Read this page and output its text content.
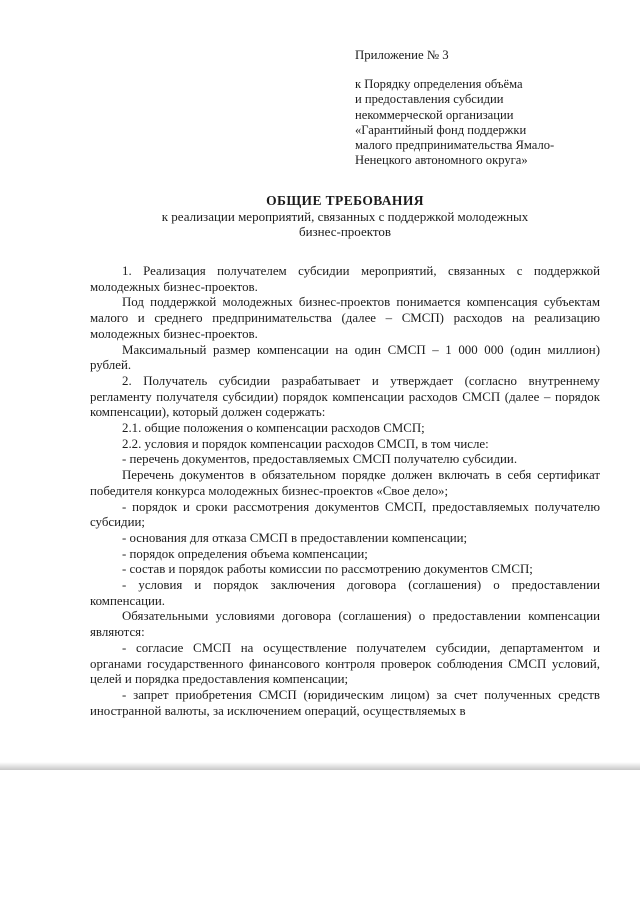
Приложение № 3
к Порядку определения объёма
и предоставления субсидии
некоммерческой организации
«Гарантийный фонд поддержки
малого предпринимательства Ямало-
Ненецкого автономного округа»
ОБЩИЕ ТРЕБОВАНИЯ
к реализации мероприятий, связанных с поддержкой молодежных
бизнес-проектов

1. Реализация получателем субсидии мероприятий, связанных с поддержкой молодежных бизнес-проектов.

Под поддержкой молодежных бизнес-проектов понимается компенсация субъектам малого и среднего предпринимательства (далее – СМСП) расходов на реализацию молодежных бизнес-проектов.

Максимальный размер компенсации на один СМСП – 1 000 000 (один миллион) рублей.

2. Получатель субсидии разрабатывает и утверждает (согласно внутреннему регламенту получателя субсидии) порядок компенсации расходов СМСП (далее – порядок компенсации), который должен содержать:

2.1. общие положения о компенсации расходов СМСП;

2.2. условия и порядок компенсации расходов СМСП, в том числе:

- перечень документов, предоставляемых СМСП получателю субсидии.

Перечень документов в обязательном порядке должен включать в себя сертификат победителя конкурса молодежных бизнес-проектов «Свое дело»;

- порядок и сроки рассмотрения документов СМСП, предоставляемых получателю субсидии;

- основания для отказа СМСП в предоставлении компенсации;

- порядок определения объема компенсации;

- состав и порядок работы комиссии по рассмотрению документов СМСП;

- условия и порядок заключения договора (соглашения) о предоставлении компенсации.

Обязательными условиями договора (соглашения) о предоставлении компенсации являются:

- согласие СМСП на осуществление получателем субсидии, департаментом и органами государственного финансового контроля проверок соблюдения СМСП условий, целей и порядка предоставления компенсации;

- запрет приобретения СМСП (юридическим лицом) за счет полученных средств иностранной валюты, за исключением операций, осуществляемых в
